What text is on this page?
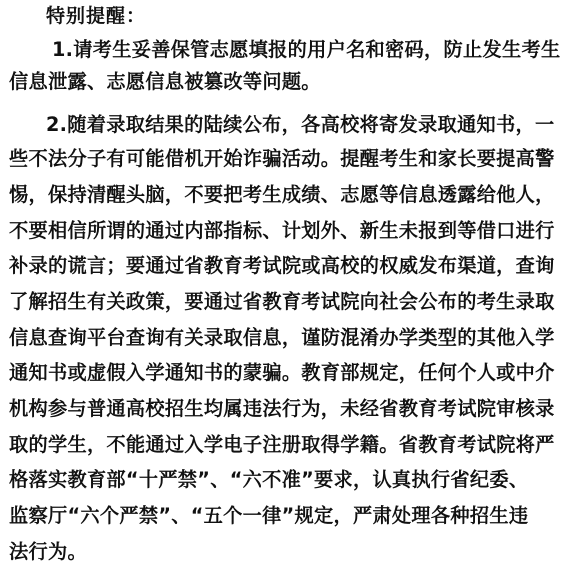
特别提醒：
1.请考生妥善保管志愿填报的用户名和密码，防止发生考生
信息泄露、志愿信息被篡改等问题。
2.随着录取结果的陆续公布，各高校将寄发录取通知书，一
些不法分子有可能借机开始诈骗活动。提醒考生和家长要提高警
惕，保持清醒头脑，不要把考生成绩、志愿等信息透露给他人，
不要相信所谓的通过内部指标、计划外、新生未报到等借口进行
补录的谎言；要通过省教育考试院或高校的权威发布渠道，查询
了解招生有关政策，要通过省教育考试院向社会公布的考生录取
信息查询平台查询有关录取信息，谨防混淆办学类型的其他入学
通知书或虚假入学通知书的蒙骗。教育部规定，任何个人或中介
机构参与普通高校招生均属违法行为，未经省教育考试院审核录
取的学生，不能通过入学电子注册取得学籍。省教育考试院将严
格落实教育部“十严禁”、“六不准”要求，认真执行省纪委、
监察厅“六个严禁”、“五个一律”规定，严肃处理各种招生违
法行为。
